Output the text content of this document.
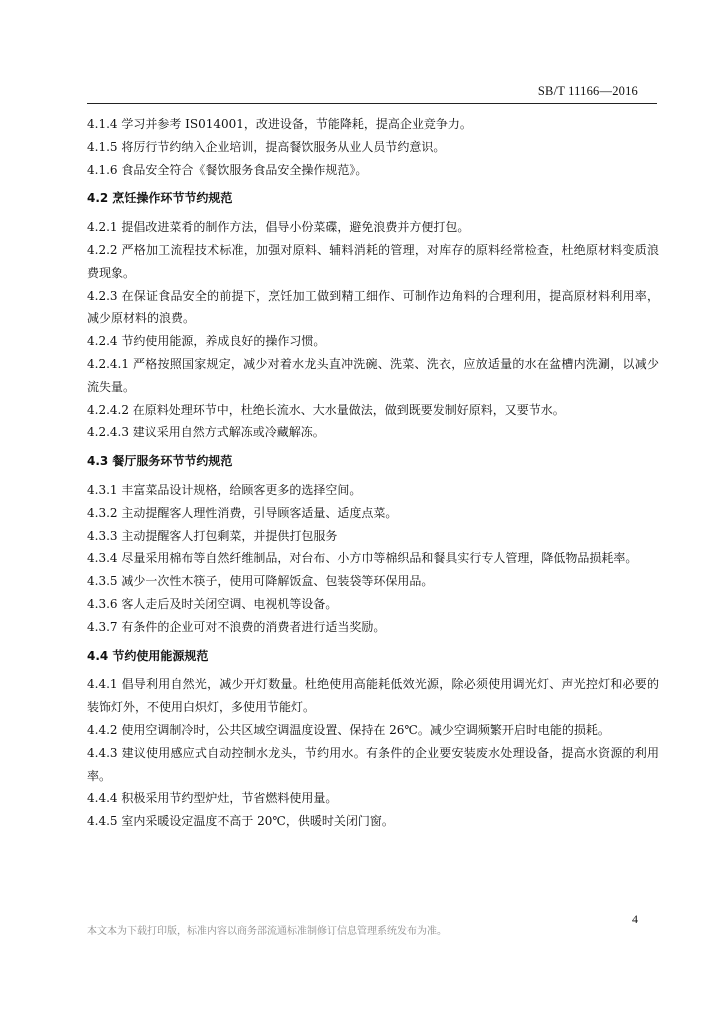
SB/T 11166—2016
4.1.4 学习并参考 IS014001，改进设备，节能降耗，提高企业竞争力。
4.1.5 将厉行节约纳入企业培训，提高餐饮服务从业人员节约意识。
4.1.6 食品安全符合《餐饮服务食品安全操作规范》。
4.2 烹饪操作环节节约规范
4.2.1 提倡改进菜肴的制作方法，倡导小份菜碟，避免浪费并方便打包。
4.2.2 严格加工流程技术标准，加强对原料、辅料消耗的管理，对库存的原料经常检查，杜绝原材料变质浪费现象。
4.2.3 在保证食品安全的前提下，烹饪加工做到精工细作、可制作边角料的合理利用，提高原材料利用率，减少原材料的浪费。
4.2.4 节约使用能源，养成良好的操作习惯。
4.2.4.1 严格按照国家规定，减少对着水龙头直冲洗碗、洗菜、洗衣，应放适量的水在盆槽内洗涮，以减少流失量。
4.2.4.2 在原料处理环节中，杜绝长流水、大水量做法，做到既要发制好原料，又要节水。
4.2.4.3 建议采用自然方式解冻或冷藏解冻。
4.3 餐厅服务环节节约规范
4.3.1 丰富菜品设计规格，给顾客更多的选择空间。
4.3.2 主动提醒客人理性消费，引导顾客适量、适度点菜。
4.3.3 主动提醒客人打包剩菜，并提供打包服务
4.3.4 尽量采用棉布等自然纤维制品，对台布、小方巾等棉织品和餐具实行专人管理，降低物品损耗率。
4.3.5 减少一次性木筷子，使用可降解饭盒、包装袋等环保用品。
4.3.6 客人走后及时关闭空调、电视机等设备。
4.3.7 有条件的企业可对不浪费的消费者进行适当奖励。
4.4 节约使用能源规范
4.4.1 倡导利用自然光，减少开灯数量。杜绝使用高能耗低效光源，除必须使用调光灯、声光控灯和必要的装饰灯外，不使用白炽灯，多使用节能灯。
4.4.2 使用空调制冷时，公共区域空调温度设置、保持在 26℃。减少空调频繁开启时电能的损耗。
4.4.3 建议使用感应式自动控制水龙头，节约用水。有条件的企业要安装废水处理设备，提高水资源的利用率。
4.4.4 积极采用节约型炉灶，节省燃料使用量。
4.4.5 室内采暖设定温度不高于 20℃，供暖时关闭门窗。
4
本文本为下载打印版，标准内容以商务部流通标准制修订信息管理系统发布为准。
